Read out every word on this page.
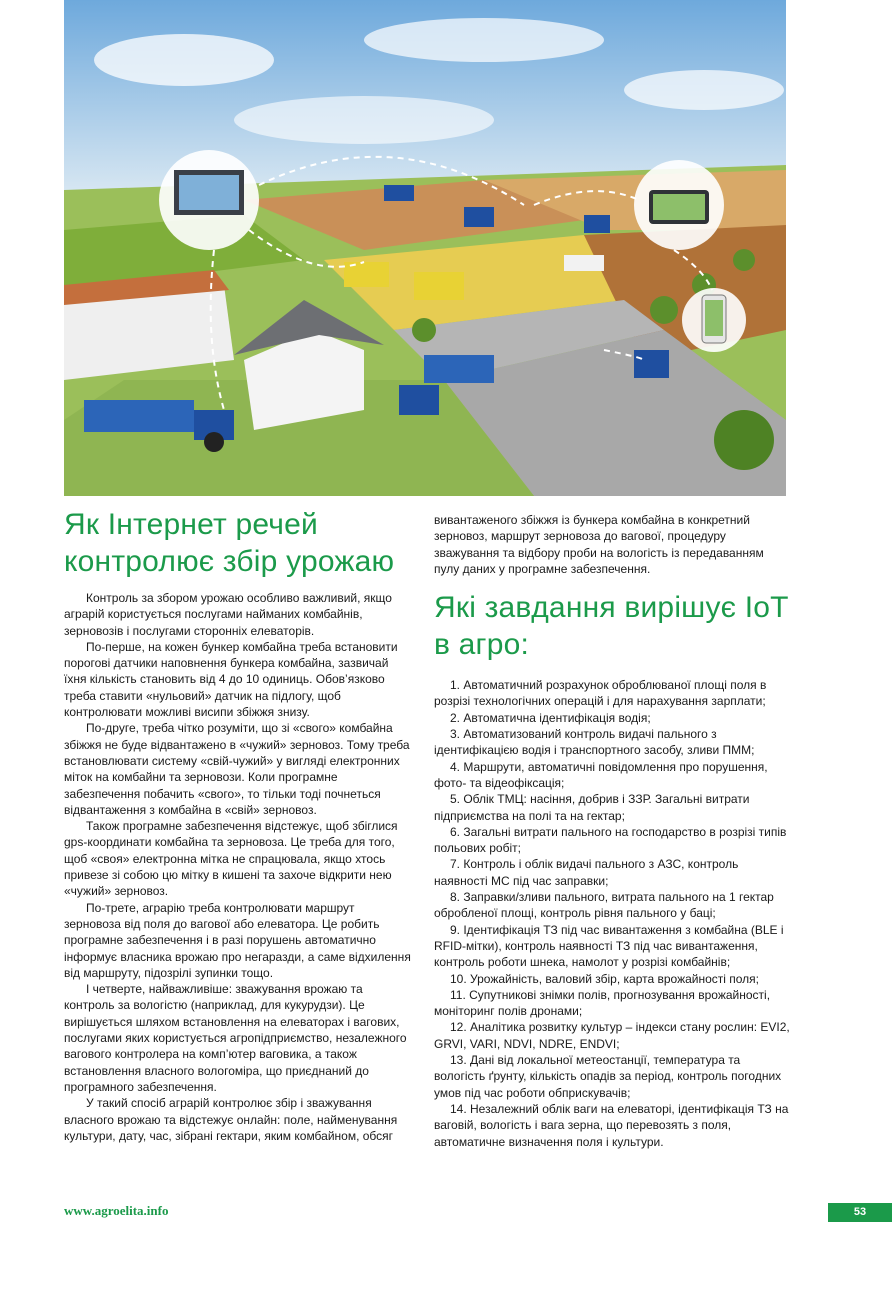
Як Інтернет речей контролює збір урожаю

Контроль за збором урожаю особливо важливий, якщо аграрій користується послугами найманих комбайнів, зерновозів і послугами сторонніх елеваторів.

По-перше, на кожен бункер комбайна треба встановити порогові датчики наповнення бункера комбайна, зазвичай їхня кількість становить від 4 до 10 одиниць. Обов’язково треба ставити «нульовий» датчик на підлогу, щоб контролювати можливі висипи збіжжя знизу.

По-друге, треба чітко розуміти, що зі «свого» комбайна збіжжя не буде відвантажено в «чужий» зерновоз. Тому треба встановлювати систему «свій-чужий» у вигляді електронних міток на комбайни та зерновози. Коли програмне забезпечення побачить «свого», то тільки тоді почнеться відвантаження з комбайна в «свій» зерновоз.

Також програмне забезпечення відстежує, щоб збіглися gps-координати комбайна та зерновоза. Це треба для того, щоб «своя» електронна мітка не спрацювала, якщо хтось привезе зі собою цю мітку в кишені та захоче відкрити нею «чужий» зерновоз.

По-трете, аграрію треба контролювати маршрут зерновоза від поля до вагової або елеватора. Це робить програмне забезпечення і в разі порушень автоматично інформує власника врожаю про негаразди, а саме відхилення від маршруту, підозрілі зупинки тощо.

І четверте, найважливіше: зважування врожаю та контроль за вологістю (наприклад, для кукурудзи). Це вирішується шляхом встановлення на елеваторах і вагових, послугами яких користується агропідприємство, незалежного вагового контролера на комп’ютер ваговика, а також встановлення власного вологоміра, що приєднаний до програмного забезпечення.

У такий спосіб аграрій контролює збір і зважування власного врожаю та відстежує онлайн: поле, найменування культури, дату, час, зібрані гектари, яким комбайном, обсяг

вивантаженого збіжжя із бункера комбайна в конкретний зерновоз, маршрут зерновоза до вагової, процедуру зважування та відбору проби на вологість із передаванням пулу даних у програмне забезпечення.

Які завдання вирішує IoT в агро:
1. Автоматичний розрахунок оброблюваної площі поля в розрізі технологічних операцій і для нарахування зарплати;
2. Автоматична ідентифікація водія;
3. Автоматизований контроль видачі пального з ідентифікацією водія і транспортного засобу, зливи ПММ;
4. Маршрути, автоматичні повідомлення про порушення, фото- та відеофіксація;
5. Облік ТМЦ: насіння, добрив і ЗЗР. Загальні витрати підприємства на полі та на гектар;
6. Загальні витрати пального на господарство в розрізі типів польових робіт;
7. Контроль і облік видачі пального з АЗС, контроль наявності МС під час заправки;
8. Заправки/зливи пального, витрата пального на 1 гектар обробленої площі, контроль рівня пального у баці;
9. Ідентифікація ТЗ під час вивантаження з комбайна (BLE і RFID-мітки), контроль наявності ТЗ під час вивантаження, контроль роботи шнека, намолот у розрізі комбайнів;
10. Урожайність, валовий збір, карта врожайності поля;
11. Супутникові знімки полів, прогнозування врожайності, моніторинг полів дронами;
12. Аналітика розвитку культур – індекси стану рослин: EVI2, GRVI, VARI, NDVI, NDRE, ENDVI;
13. Дані від локальної метеостанції, температура та вологість ґрунту, кількість опадів за період, контроль погодних умов під час роботи обприскувачів;
14. Незалежний облік ваги на елеваторі, ідентифікація ТЗ на ваговій, вологість і вага зерна, що перевозять з поля, автоматичне визначення поля і культури.
www.agroelita.info	53
